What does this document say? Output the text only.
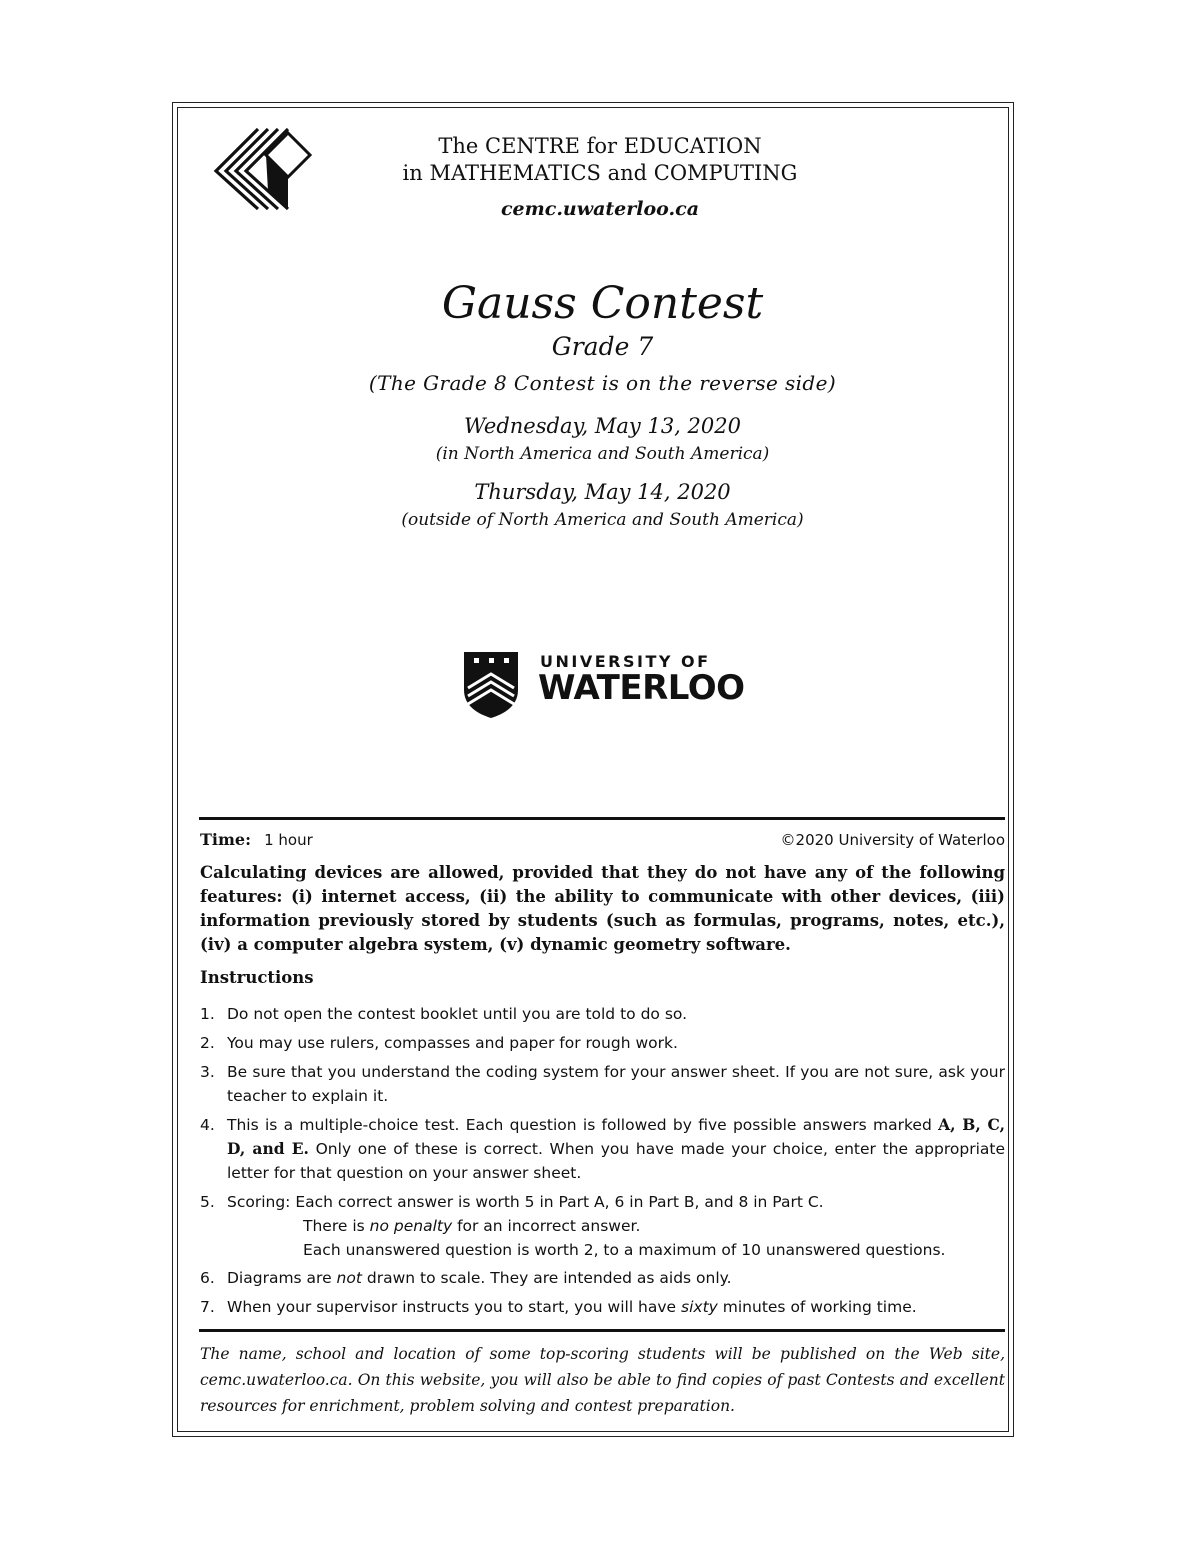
The CENTRE for EDUCATION
in MATHEMATICS and COMPUTING
cemc.uwaterloo.ca
Gauss Contest
Grade 7
(The Grade 8 Contest is on the reverse side)
Wednesday, May 13, 2020
(in North America and South America)
Thursday, May 14, 2020
(outside of North America and South America)
UNIVERSITY OF
WATERLOO
Time: 1 hour	©2020 University of Waterloo
Calculating devices are allowed, provided that they do not have any of the following features: (i) internet access, (ii) the ability to communicate with other devices, (iii) information previously stored by students (such as formulas, programs, notes, etc.), (iv) a computer algebra system, (v) dynamic geometry software.
Instructions
1. Do not open the contest booklet until you are told to do so.
2. You may use rulers, compasses and paper for rough work.
3. Be sure that you understand the coding system for your answer sheet. If you are not sure, ask your teacher to explain it.
4. This is a multiple-choice test. Each question is followed by five possible answers marked A, B, C, D, and E. Only one of these is correct. When you have made your choice, enter the appropriate letter for that question on your answer sheet.
5. Scoring: Each correct answer is worth 5 in Part A, 6 in Part B, and 8 in Part C.
There is no penalty for an incorrect answer.
Each unanswered question is worth 2, to a maximum of 10 unanswered questions.
6. Diagrams are not drawn to scale. They are intended as aids only.
7. When your supervisor instructs you to start, you will have sixty minutes of working time.
The name, school and location of some top-scoring students will be published on the Web site, cemc.uwaterloo.ca. On this website, you will also be able to find copies of past Contests and excellent resources for enrichment, problem solving and contest preparation.
